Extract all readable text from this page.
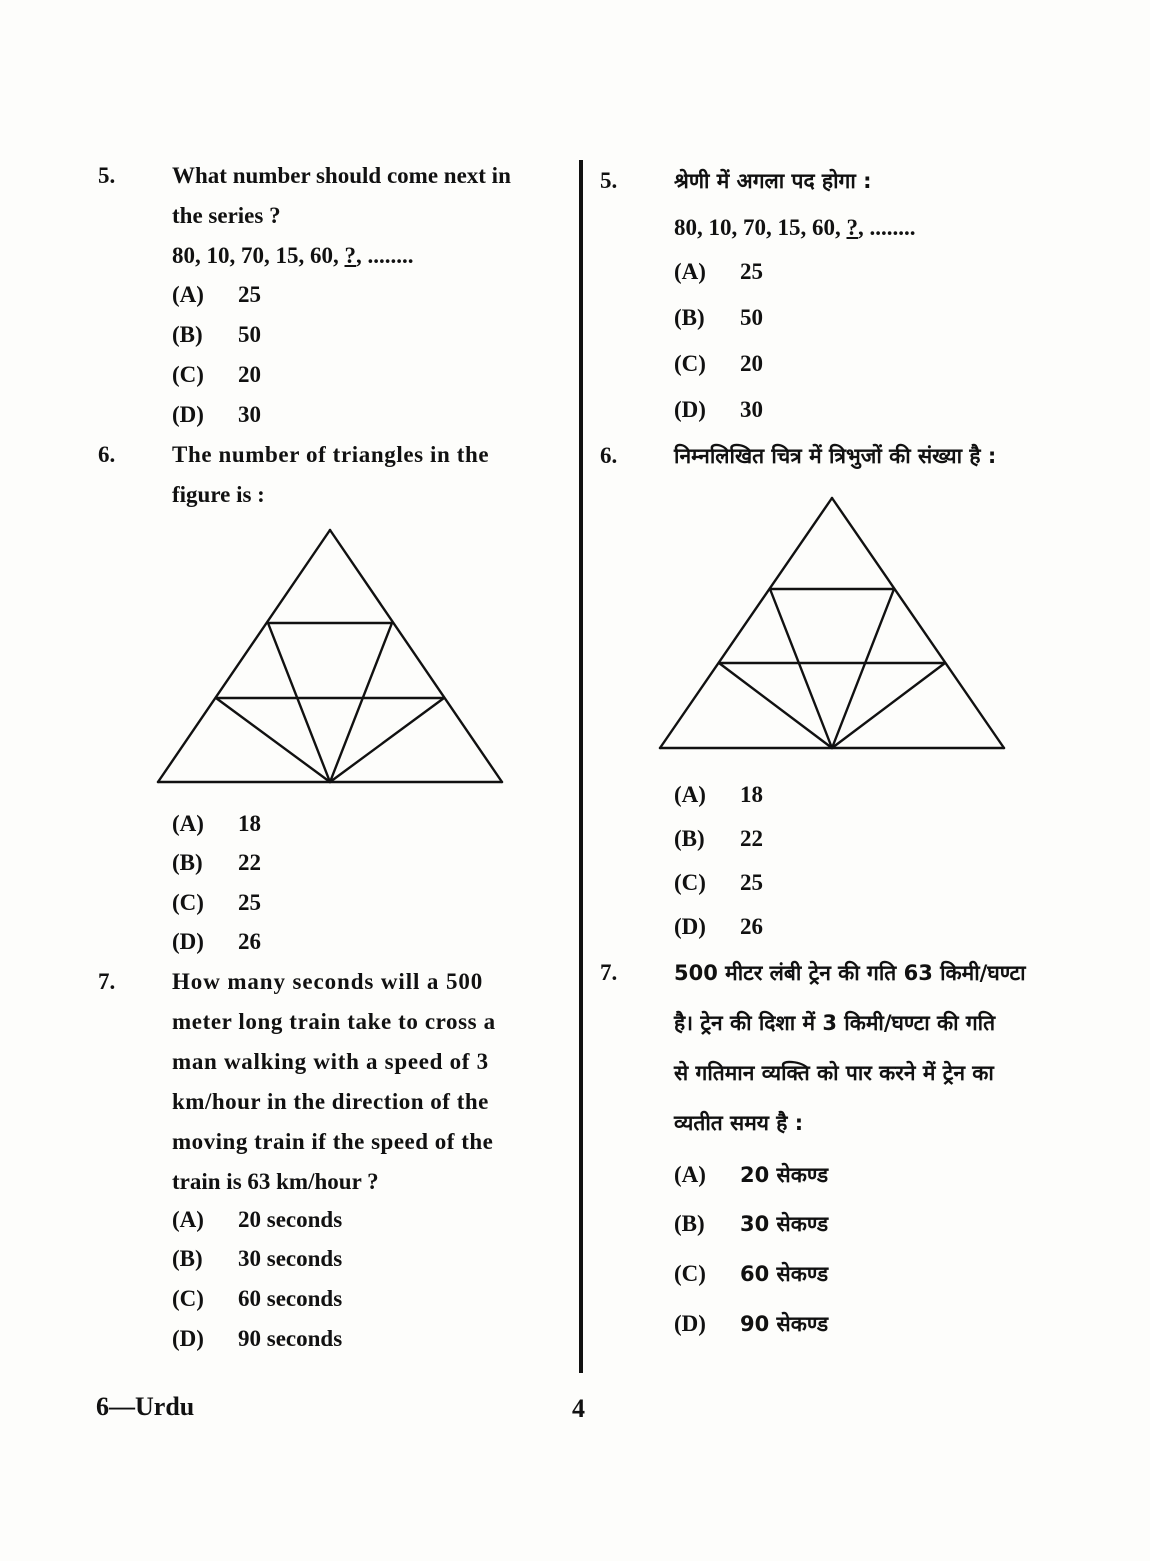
5. What number should come next in
the series ?
80, 10, 70, 15, 60, ?, ........
(A) 25
(B) 50
(C) 20
(D) 30
6. The number of triangles in the
figure is :
(A) 18
(B) 22
(C) 25
(D) 26
7. How many seconds will a 500
meter long train take to cross a
man walking with a speed of 3
km/hour in the direction of the
moving train if the speed of the
train is 63 km/hour ?
(A) 20 seconds
(B) 30 seconds
(C) 60 seconds
(D) 90 seconds
5.	श्रेणी में अगला पद होगा :
80, 10, 70, 15, 60, ?, ........
(A) 25
(B) 50
(C) 20
(D) 30
6.	निम्नलिखित चित्र में त्रिभुजों की संख्या है :
(A) 18
(B) 22
(C) 25
(D) 26
7.	500 मीटर लंबी ट्रेन की गति 63 किमी/घण्टा
है। ट्रेन की दिशा में 3 किमी/घण्टा की गति
से गतिमान व्यक्ति को पार करने में ट्रेन का
व्यतीत समय है :
(A) 20 सेकण्ड
(B) 30 सेकण्ड
(C) 60 सेकण्ड
(D) 90 सेकण्ड
6—Urdu	4
